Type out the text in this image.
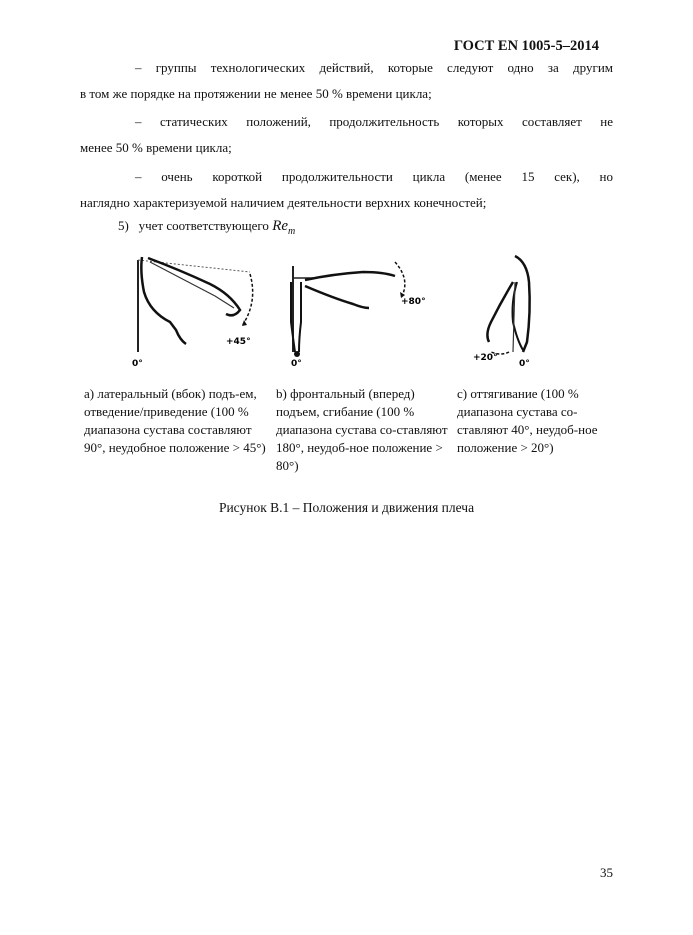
ГОСТ EN 1005-5–2014
– группы технологических действий, которые следуют одно за другим
в том же порядке на протяжении не менее 50 % времени цикла;
– статических положений, продолжительность которых составляет не
менее 50 % времени цикла;
– очень короткой продолжительности цикла (менее 15 сек), но
наглядно характеризуемой наличием деятельности верхних конечностей;
5) учет соответствующего $Re_m$
+45°
0°
+80°
0°
+20°
0°
a) латеральный (вбок) подъ-ем, отведение/приведение (100 % диапазона сустава составляют 90°, неудобное положение > 45°)
b) фронтальный (вперед) подъем, сгибание (100 % диапазона сустава со-ставляют 180°, неудоб-ное положение > 80°)
c) оттягивание (100 % диапазона сустава со-ставляют 40°, неудоб-ное положение > 20°)
Рисунок B.1 – Положения и движения плеча
35
